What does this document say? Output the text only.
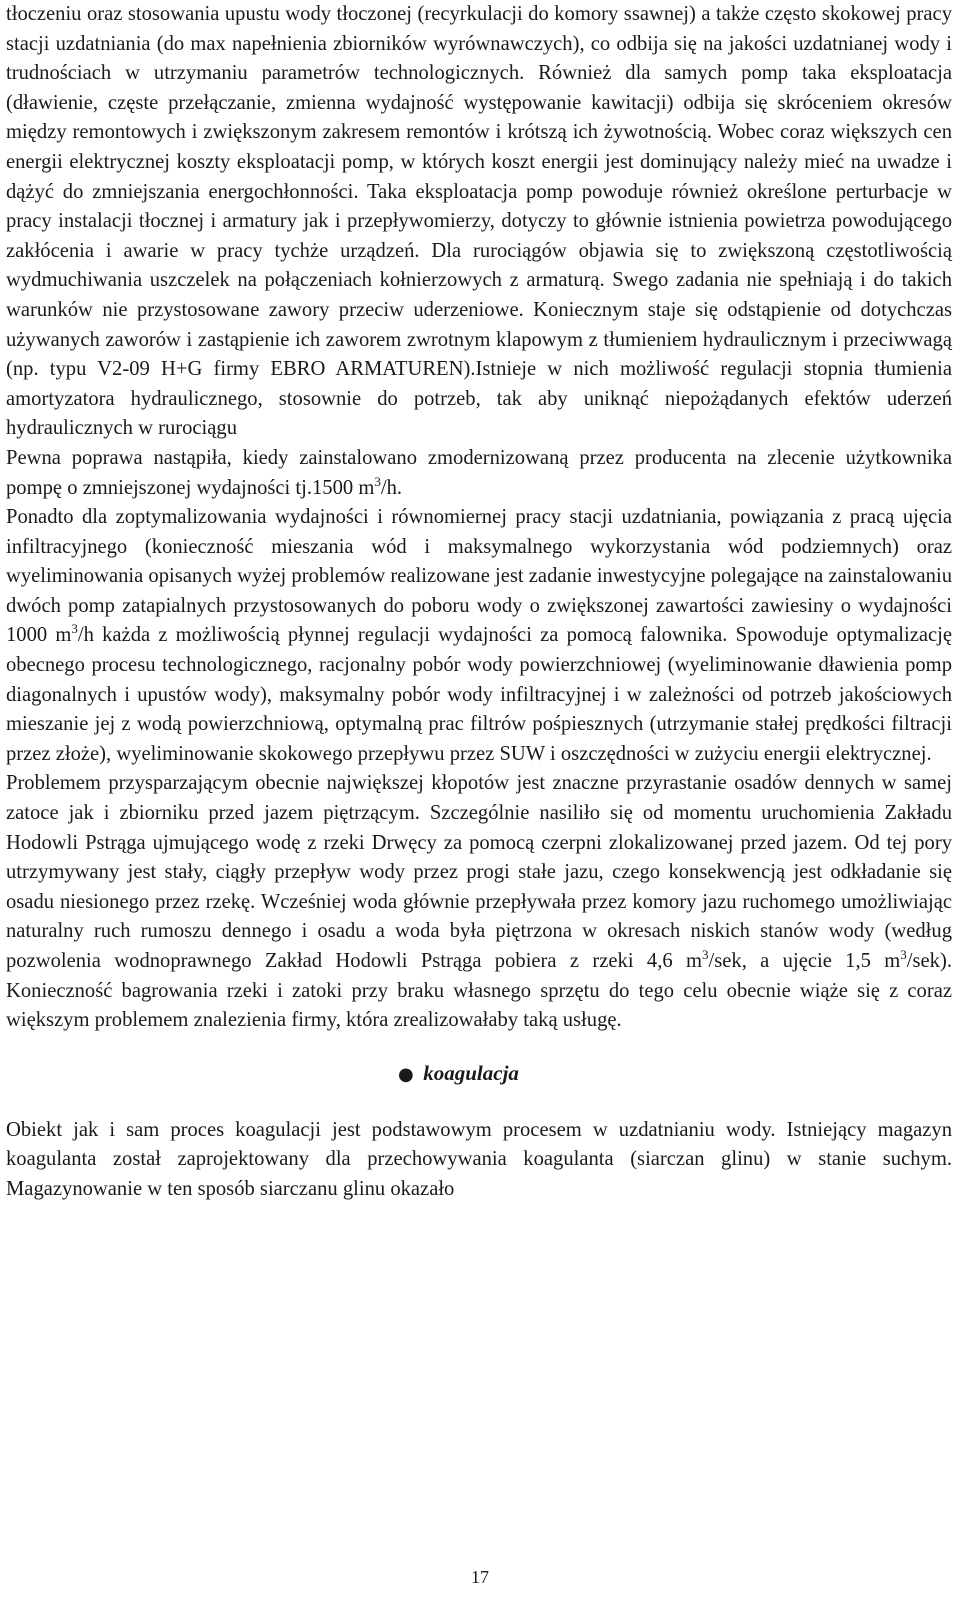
tłoczeniu oraz stosowania upustu wody tłoczonej (recyrkulacji do komory ssawnej) a także często skokowej pracy stacji uzdatniania (do max napełnienia zbiorników wyrównawczych), co odbija się na jakości uzdatnianej wody i trudnościach w utrzymaniu parametrów technologicznych. Również dla samych pomp taka eksploatacja (dławienie, częste przełączanie, zmienna wydajność występowanie kawitacji) odbija się skróceniem okresów między remontowych i zwiększonym zakresem remontów i krótszą ich żywotnością. Wobec coraz większych cen energii elektrycznej koszty eksploatacji pomp, w których koszt energii jest dominujący należy mieć na uwadze i dążyć do zmniejszania energochłonności. Taka eksploatacja pomp powoduje również określone perturbacje w pracy instalacji tłocznej i armatury jak i przepływomierzy, dotyczy to głównie istnienia powietrza powodującego zakłócenia i awarie w pracy tychże urządzeń. Dla rurociągów objawia się to zwiększoną częstotliwością wydmuchiwania uszczelek na połączeniach kołnierzowych z armaturą. Swego zadania nie spełniają i do takich warunków nie przystosowane zawory przeciw uderzeniowe. Koniecznym staje się odstąpienie od dotychczas używanych zaworów i zastąpienie ich zaworem zwrotnym klapowym z tłumieniem hydraulicznym i przeciwwagą (np. typu V2-09 H+G firmy EBRO ARMATUREN).Istnieje w nich możliwość regulacji stopnia tłumienia amortyzatora hydraulicznego, stosownie do potrzeb, tak aby uniknąć niepożądanych efektów uderzeń hydraulicznych w rurociągu

Pewna poprawa nastąpiła, kiedy zainstalowano zmodernizowaną przez producenta na zlecenie użytkownika pompę o zmniejszonej wydajności tj.1500 $m^3/h$.

Ponadto dla zoptymalizowania wydajności i równomiernej pracy stacji uzdatniania, powiązania z pracą ujęcia infiltracyjnego (konieczność mieszania wód i maksymalnego wykorzystania wód podziemnych) oraz wyeliminowania opisanych wyżej problemów realizowane jest zadanie inwestycyjne polegające na zainstalowaniu dwóch pomp zatapialnych przystosowanych do poboru wody o zwiększonej zawartości zawiesiny o wydajności 1000 $m^3/h$ każda z możliwością płynnej regulacji wydajności za pomocą falownika. Spowoduje optymalizację obecnego procesu technologicznego, racjonalny pobór wody powierzchniowej (wyeliminowanie dławienia pomp diagonalnych i upustów wody), maksymalny pobór wody infiltracyjnej i w zależności od potrzeb jakościowych mieszanie jej z wodą powierzchniową, optymalną prac filtrów pośpiesznych (utrzymanie stałej prędkości filtracji przez złoże), wyeliminowanie skokowego przepływu przez SUW i oszczędności w zużyciu energii elektrycznej.

Problemem przysparzającym obecnie największej kłopotów jest znaczne przyrastanie osadów dennych w samej zatoce jak i zbiorniku przed jazem piętrzącym. Szczególnie nasiliło się od momentu uruchomienia Zakładu Hodowli Pstrąga ujmującego wodę z rzeki Drwęcy za pomocą czerpni zlokalizowanej przed jazem. Od tej pory utrzymywany jest stały, ciągły przepływ wody przez progi stałe jazu, czego konsekwencją jest odkładanie się osadu niesionego przez rzekę. Wcześniej woda głównie przepływała przez komory jazu ruchomego umożliwiając naturalny ruch rumoszu dennego i osadu a woda była piętrzona w okresach niskich stanów wody (według pozwolenia wodnoprawnego Zakład Hodowli Pstrąga pobiera z rzeki 4,6 $m^3$/sek, a ujęcie 1,5 $m^3/sek$). Konieczność bagrowania rzeki i zatoki przy braku własnego sprzętu do tego celu obecnie wiąże się z coraz większym problemem znalezienia firmy, która zrealizowałaby taką usługę.

● koagulacja

Obiekt jak i sam proces koagulacji jest podstawowym procesem w uzdatnianiu wody. Istniejący magazyn koagulanta został zaprojektowany dla przechowywania koagulanta (siarczan glinu) w stanie suchym. Magazynowanie w ten sposób siarczanu glinu okazało

17
